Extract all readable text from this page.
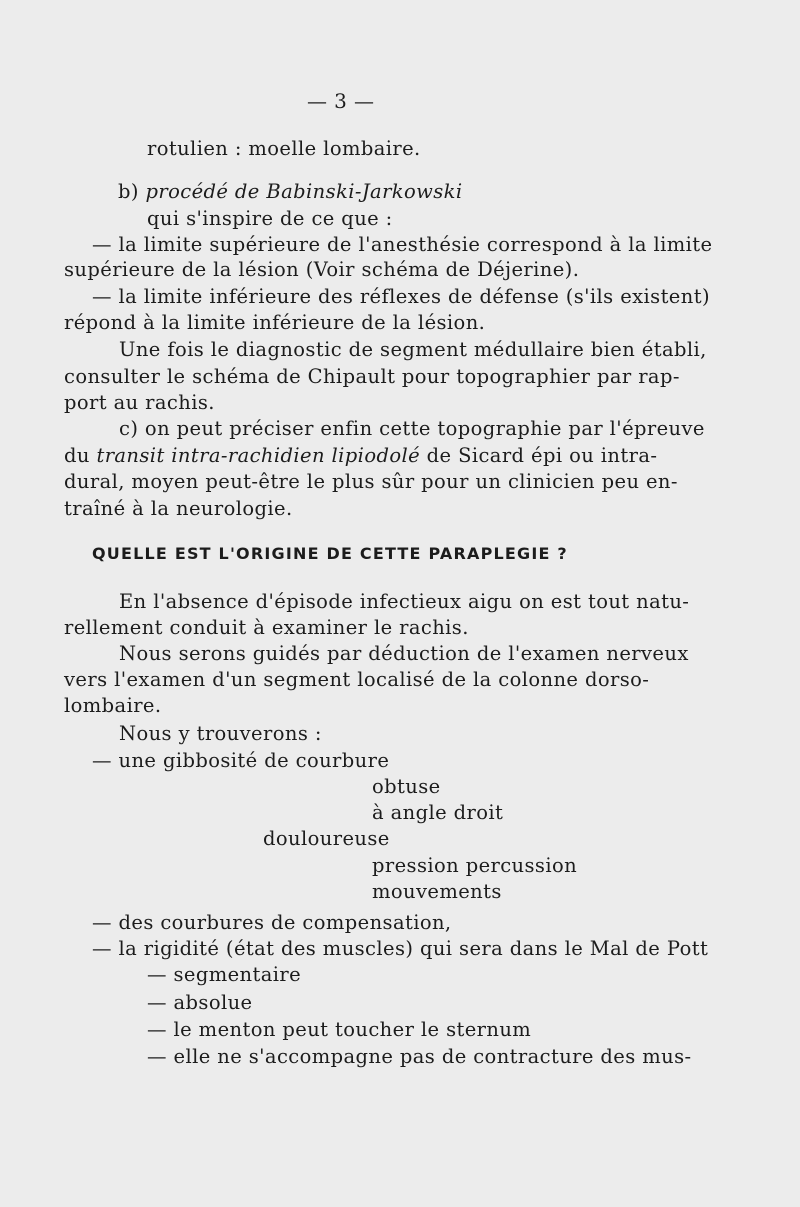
— 3 —
rotulien : moelle lombaire.
b) procédé de Babinski-Jarkowski
qui s'inspire de ce que :
— la limite supérieure de l'anesthésie correspond à la limite
supérieure de la lésion (Voir schéma de Déjerine).
— la limite inférieure des réflexes de défense (s'ils existent)
répond à la limite inférieure de la lésion.
Une fois le diagnostic de segment médullaire bien établi,
consulter le schéma de Chipault pour topographier par rap-
port au rachis.
c) on peut préciser enfin cette topographie par l'épreuve
du transit intra-rachidien lipiodolé de Sicard épi ou intra-
dural, moyen peut-être le plus sûr pour un clinicien peu en-
traîné à la neurologie.
QUELLE EST L'ORIGINE DE CETTE PARAPLEGIE ?
En l'absence d'épisode infectieux aigu on est tout natu-
rellement conduit à examiner le rachis.
Nous serons guidés par déduction de l'examen nerveux
vers l'examen d'un segment localisé de la colonne dorso-
lombaire.
Nous y trouverons :
— une gibbosité de courbure
obtuse
à angle droit
douloureuse
pression percussion
mouvements
— des courbures de compensation,
— la rigidité (état des muscles) qui sera dans le Mal de Pott
— segmentaire
— absolue
— le menton peut toucher le sternum
— elle ne s'accompagne pas de contracture des mus-
